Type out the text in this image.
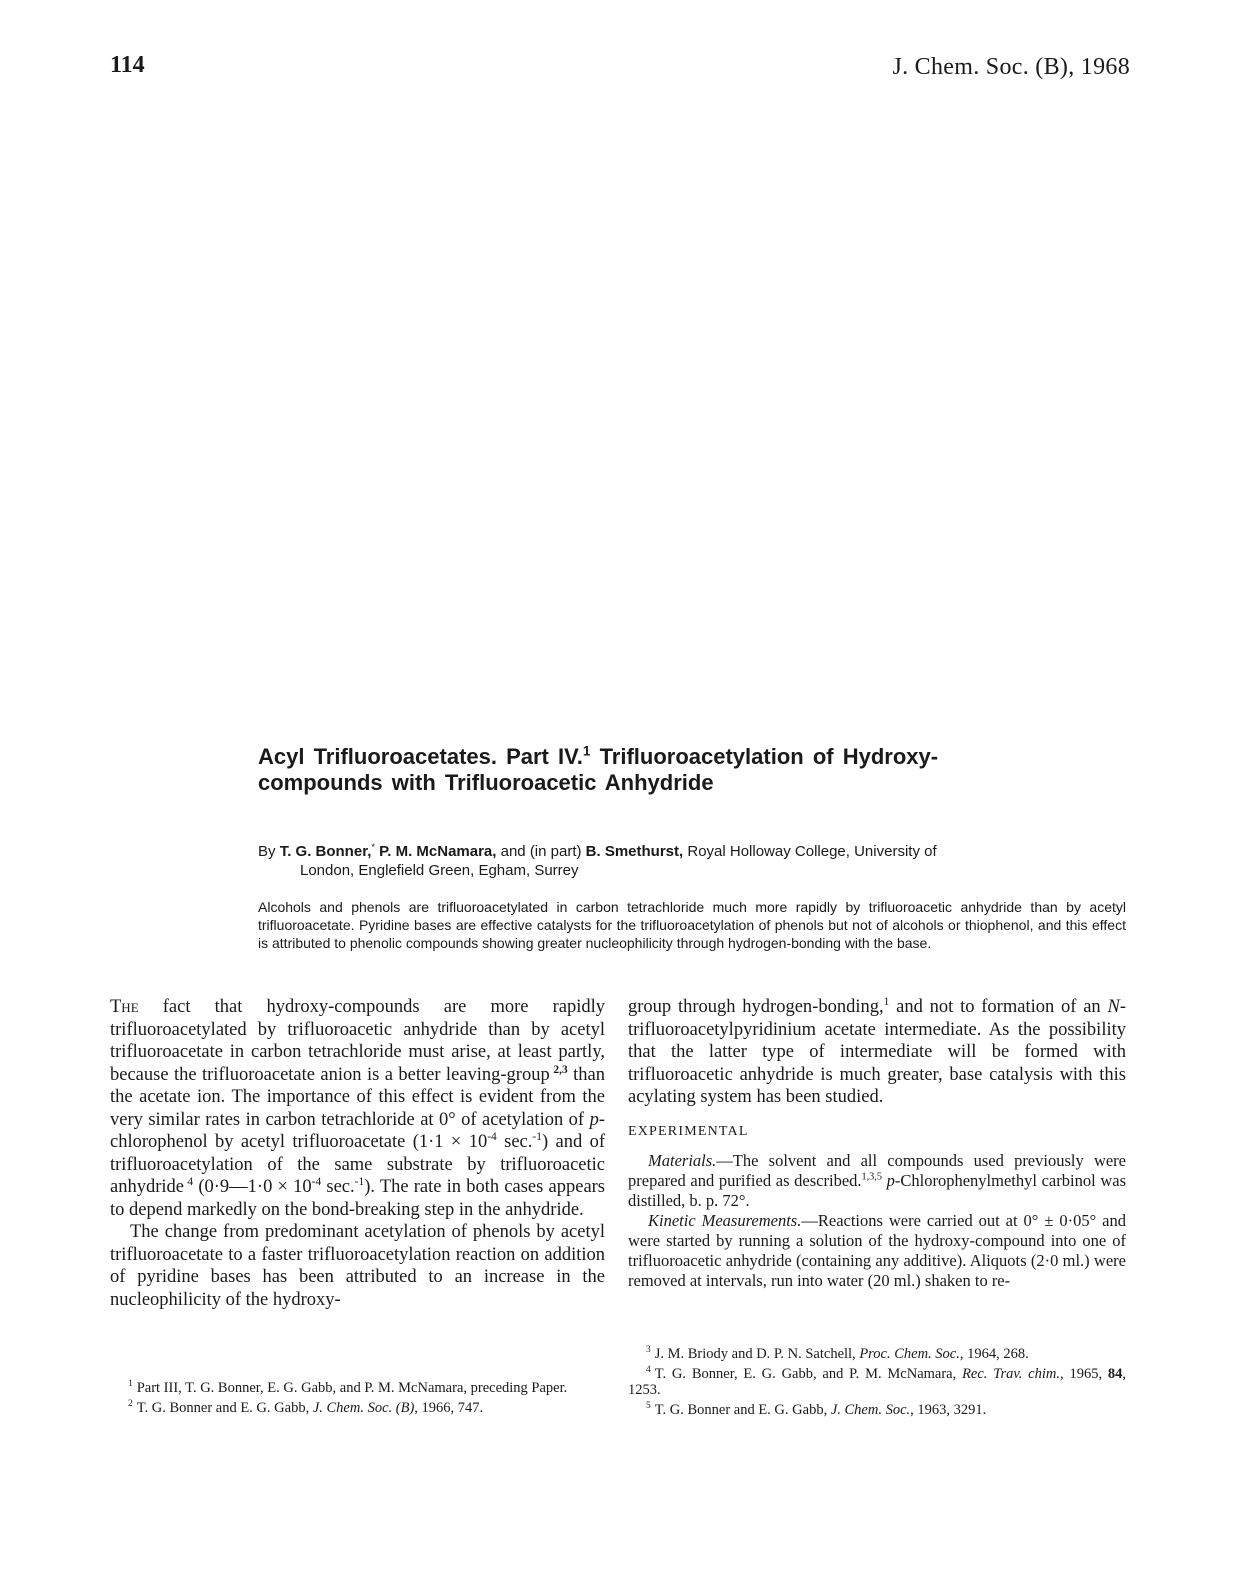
114	J. Chem. Soc. (B), 1968
Acyl Trifluoroacetates. Part IV.$^1$ Trifluoroacetylation of Hydroxy-
compounds with Trifluoroacetic Anhydride
By T. G. Bonner,* P. M. McNamara, and (in part) B. Smethurst, Royal Holloway College, University of
London, Englefield Green, Egham, Surrey
Alcohols and phenols are trifluoroacetylated in carbon tetrachloride much more rapidly by trifluoroacetic anhydride than by acetyl trifluoroacetate. Pyridine bases are effective catalysts for the trifluoroacetylation of phenols but not of alcohols or thiophenol, and this effect is attributed to phenolic compounds showing greater nucleophilicity through hydrogen-bonding with the base.

The fact that hydroxy-compounds are more rapidly trifluoroacetylated by trifluoroacetic anhydride than by acetyl trifluoroacetate in carbon tetrachloride must arise, at least partly, because the trifluoroacetate anion is a better leaving-group $^{2,3}$ than the acetate ion. The importance of this effect is evident from the very similar rates in carbon tetrachloride at 0° of acetylation of p-chlorophenol by acetyl trifluoroacetate ($1\cdot 1 \times 10^{-4}$ sec.$^{-1}$) and of trifluoroacetylation of the same substrate by trifluoroacetic anhydride $^4$ (0·9—1·0 × $10^{-4}$ sec.$^{-1}$). The rate in both cases appears to depend markedly on the bond-breaking step in the anhydride.

The change from predominant acetylation of phenols by acetyl trifluoroacetate to a faster trifluoroacetylation reaction on addition of pyridine bases has been attributed to an increase in the nucleophilicity of the hydroxy-

group through hydrogen-bonding,$^1$ and not to formation of an N-trifluoroacetylpyridinium acetate intermediate. As the possibility that the latter type of intermediate will be formed with trifluoroacetic anhydride is much greater, base catalysis with this acylating system has been studied.

EXPERIMENTAL

Materials.—The solvent and all compounds used previously were prepared and purified as described.$^{1,3,5}$ p-Chlorophenylmethyl carbinol was distilled, b. p. 72°.

Kinetic Measurements.—Reactions were carried out at 0° ± 0·05° and were started by running a solution of the hydroxy-compound into one of trifluoroacetic anhydride (containing any additive). Aliquots (2·0 ml.) were removed at intervals, run into water (20 ml.) shaken to re-

$^1$ Part III, T. G. Bonner, E. G. Gabb, and P. M. McNamara, preceding Paper.

$^2$ T. G. Bonner and E. G. Gabb, J. Chem. Soc. (B), 1966, 747.

$^3$ J. M. Briody and D. P. N. Satchell, Proc. Chem. Soc., 1964, 268.

$^4$ T. G. Bonner, E. G. Gabb, and P. M. McNamara, Rec. Trav. chim., 1965, 84, 1253.

$^5$ T. G. Bonner and E. G. Gabb, J. Chem. Soc., 1963, 3291.
